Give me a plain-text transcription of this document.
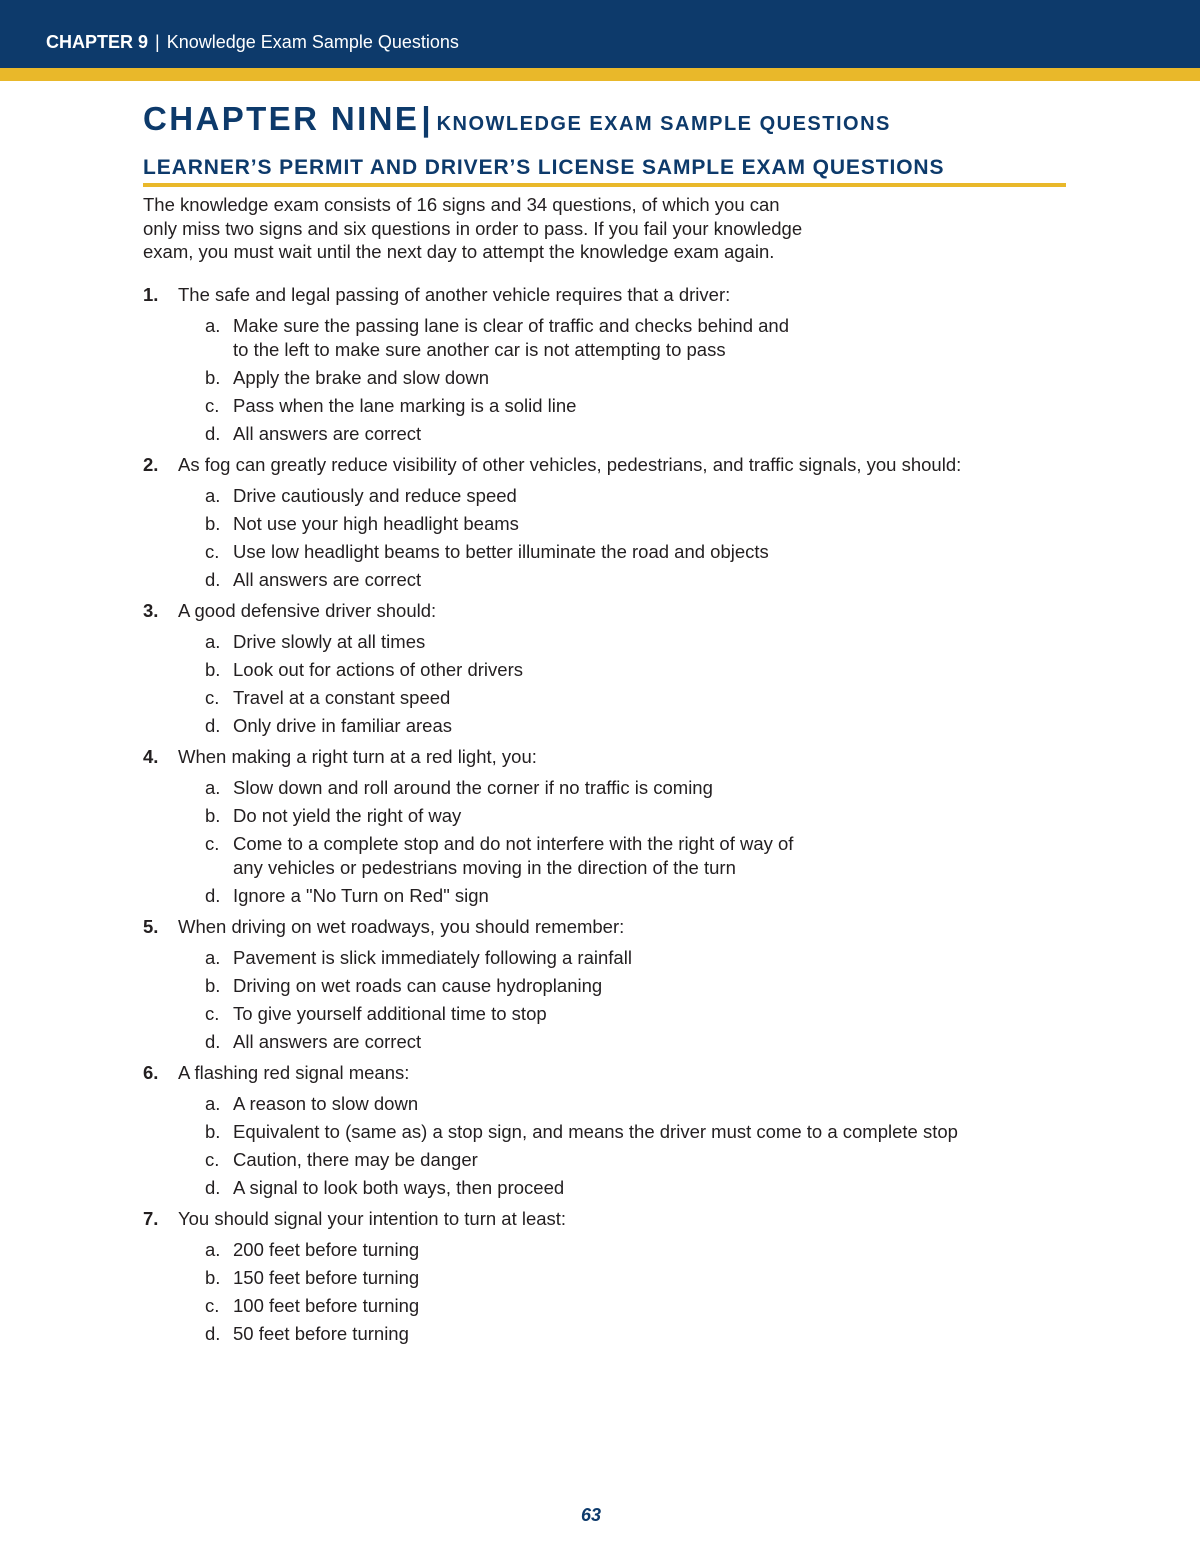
CHAPTER 9 | Knowledge Exam Sample Questions
CHAPTER NINE| KNOWLEDGE EXAM SAMPLE QUESTIONS
LEARNER’S PERMIT AND DRIVER’S LICENSE SAMPLE EXAM QUESTIONS
The knowledge exam consists of 16 signs and 34 questions, of which you can
only miss two signs and six questions in order to pass. If you fail your knowledge
exam, you must wait until the next day to attempt the knowledge exam again.
1. The safe and legal passing of another vehicle requires that a driver:
a. Make sure the passing lane is clear of traffic and checks behind and
to the left to make sure another car is not attempting to pass
b. Apply the brake and slow down
c. Pass when the lane marking is a solid line
d. All answers are correct
2. As fog can greatly reduce visibility of other vehicles, pedestrians, and traffic signals, you should:
a. Drive cautiously and reduce speed
b. Not use your high headlight beams
c. Use low headlight beams to better illuminate the road and objects
d. All answers are correct
3. A good defensive driver should:
a. Drive slowly at all times
b. Look out for actions of other drivers
c. Travel at a constant speed
d. Only drive in familiar areas
4. When making a right turn at a red light, you:
a. Slow down and roll around the corner if no traffic is coming
b. Do not yield the right of way
c. Come to a complete stop and do not interfere with the right of way of
any vehicles or pedestrians moving in the direction of the turn
d. Ignore a "No Turn on Red" sign
5. When driving on wet roadways, you should remember:
a. Pavement is slick immediately following a rainfall
b. Driving on wet roads can cause hydroplaning
c. To give yourself additional time to stop
d. All answers are correct
6. A flashing red signal means:
a. A reason to slow down
b. Equivalent to (same as) a stop sign, and means the driver must come to a complete stop
c. Caution, there may be danger
d. A signal to look both ways, then proceed
7. You should signal your intention to turn at least:
a. 200 feet before turning
b. 150 feet before turning
c. 100 feet before turning
d. 50 feet before turning
63
